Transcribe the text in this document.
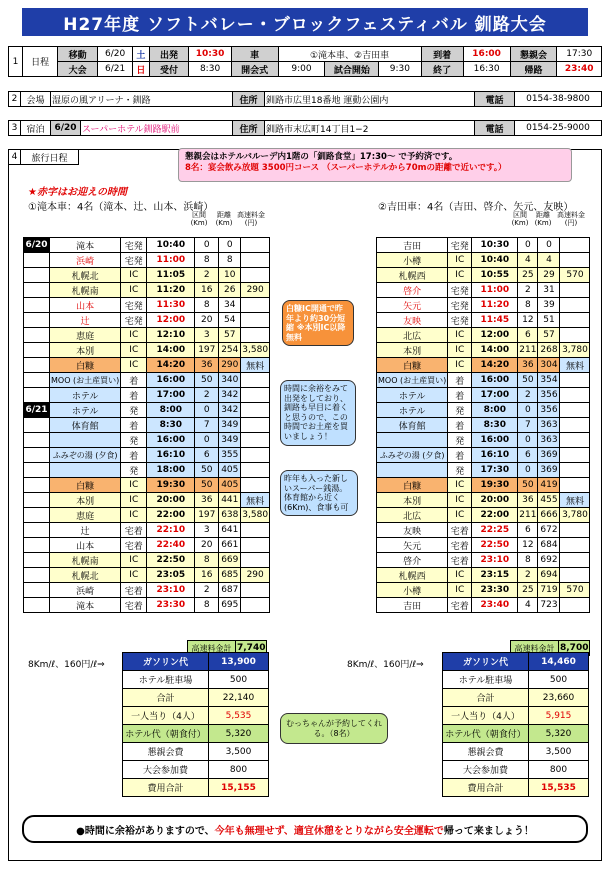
H27年度 ソフトバレー・ブロックフェスティバル 釧路大会
1	日程	移動	6/20	土	出発	10:30	車	①滝本車、②吉田車			到着	16:00	懇親会	17:30
		大会	6/21	日	受付	8:30	開会式	9:00	試合開始	9:30	終了	16:30	帰路	23:40
2	会場	湿原の風アリーナ・釧路	住所	釧路市広里18番地 運動公園内	電話	0154-38-9800
3	宿泊	6/20	スーパーホテル釧路駅前	住所	釧路市末広町14丁目1−2	電話	0154-25-9000
4	旅行日程	懇親会はホテルバルーデ内1階の「釧路食堂」17:30～ で予約済です。
8名：宴会飲み放題 3500円コース （スーパーホテルから70mの距離で近いです。）
★赤字はお迎えの時間
①滝本車：4名（滝本、辻、山本、浜崎）	②吉田車：4名（吉田、啓介、矢元、友映）
区間 (Km)
距離 (Km)
高速料金 (円)
区間 (Km)
距離 (Km)
高速料金 (円)
6/20	滝本	宅発	10:40	0	0	
	浜崎	宅発	11:00	8	8	
	札幌北	IC	11:05	2	10	
	札幌南	IC	11:20	16	26	290
	山本	宅発	11:30	8	34	
	辻	宅発	12:00	20	54	
	恵庭	IC	12:10	3	57	
	本別	IC	14:00	197	254	3,580
	白糠	IC	14:20	36	290	無料
	MOO (お土産買い)	着	16:00	50	340	
	ホテル	着	17:00	2	342	
6/21	ホテル	発	8:00	0	342	
	体育館	着	8:30	7	349	
		発	16:00	0	349	
	ふみぞの湯 (夕食)	着	16:10	6	355	
		発	18:00	50	405	
	白糠	IC	19:30	50	405	
	本別	IC	20:00	36	441	無料
	恵庭	IC	22:00	197	638	3,580
	辻	宅着	22:10	3	641	
	山本	宅着	22:40	20	661	
	札幌南	IC	22:50	8	669	
	札幌北	IC	23:05	16	685	290
	浜崎	宅着	23:10	2	687	
	滝本	宅着	23:30	8	695	
吉田	宅発	10:30	0	0	
小樽	IC	10:40	4	4	
札幌西	IC	10:55	25	29	570
啓介	宅発	11:00	2	31	
矢元	宅発	11:20	8	39	
友映	宅発	11:45	12	51	
北広	IC	12:00	6	57	
本別	IC	14:00	211	268	3,780
白糠	IC	14:20	36	304	無料
MOO (お土産買い)	着	16:00	50	354	
ホテル	着	17:00	2	356	
ホテル	発	8:00	0	356	
体育館	着	8:30	7	363	
	発	16:00	0	363	
ふみぞの湯 (夕食)	着	16:10	6	369	
	発	17:30	0	369	
白糠	IC	19:30	50	419	
本別	IC	20:00	36	455	無料
北広	IC	22:00	211	666	3,780
友映	宅着	22:25	6	672	
矢元	宅着	22:50	12	684	
啓介	宅着	23:10	8	692	
札幌西	IC	23:15	2	694	
小樽	IC	23:30	25	719	570
吉田	宅着	23:40	4	723	
高速料金計	7,740	高速料金計	8,700
白糠IC開通で昨年より約30分短縮 ※本別IC以降無料
時間に余裕をみて出発をしており、釧路も早目に着くと思うので、この時間でお土産を買いましょう！
昨年も入った新しいスーパー銭湯。体育館から近く(6Km)、食事も可
むっちゃんが予約してくれる。（8名）
8Km/ℓ、160円/ℓ⇒	8Km/ℓ、160円/ℓ⇒
ガソリン代	13,900
ホテル駐車場	500
合計	22,140
一人当り（4人）	5,535
ホテル代（朝食付）	5,320
懇親会費	3,500
大会参加費	800
費用合計	15,155
ガソリン代	14,460
ホテル駐車場	500
合計	23,660
一人当り（4人）	5,915
ホテル代（朝食付）	5,320
懇親会費	3,500
大会参加費	800
費用合計	15,535
●時間に余裕がありますので、 今年も無理せず、適宜休憩をとりながら安全運転で 帰って来ましょう！
